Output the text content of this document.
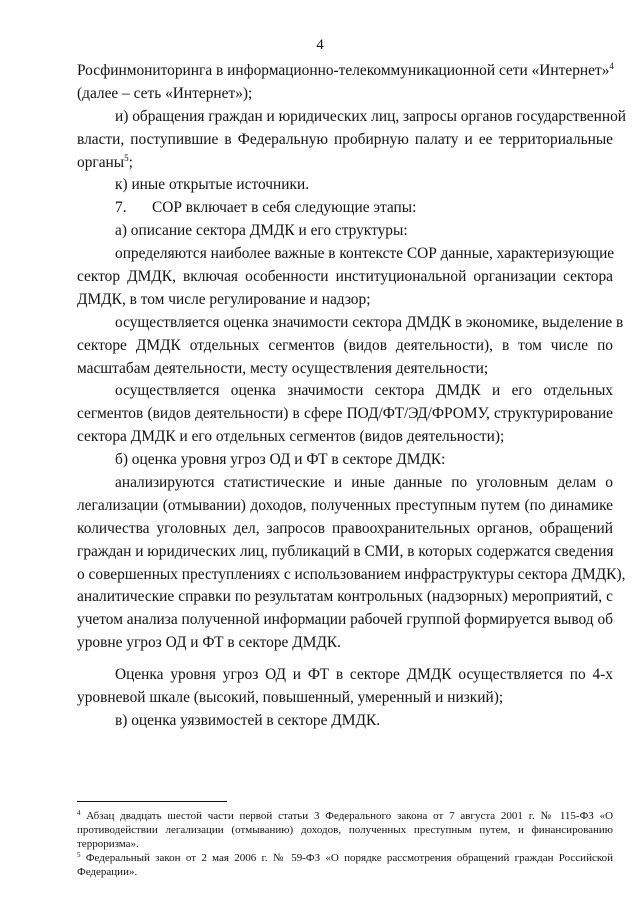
4
Росфинмониторинга в информационно-телекоммуникационной сети «Интернет»$^4$
(далее – сеть «Интернет»);
и) обращения граждан и юридических лиц, запросы органов государственной
власти, поступившие в Федеральную пробирную палату и ее территориальные
органы$^5$;
к) иные открытые источники.
7. СОР включает в себя следующие этапы:
а) описание сектора ДМДК и его структуры:
определяются наиболее важные в контексте СОР данные, характеризующие
сектор ДМДК, включая особенности институциональной организации сектора
ДМДК, в том числе регулирование и надзор;
осуществляется оценка значимости сектора ДМДК в экономике, выделение в
секторе ДМДК отдельных сегментов (видов деятельности), в том числе по
масштабам деятельности, месту осуществления деятельности;
осуществляется оценка значимости сектора ДМДК и его отдельных
сегментов (видов деятельности) в сфере ПОД/ФТ/ЭД/ФРОМУ, структурирование
сектора ДМДК и его отдельных сегментов (видов деятельности);
б) оценка уровня угроз ОД и ФТ в секторе ДМДК:
анализируются статистические и иные данные по уголовным делам о
легализации (отмывании) доходов, полученных преступным путем (по динамике
количества уголовных дел, запросов правоохранительных органов, обращений
граждан и юридических лиц, публикаций в СМИ, в которых содержатся сведения
о совершенных преступлениях с использованием инфраструктуры сектора ДМДК),
аналитические справки по результатам контрольных (надзорных) мероприятий, с
учетом анализа полученной информации рабочей группой формируется вывод об
уровне угроз ОД и ФТ в секторе ДМДК.
Оценка уровня угроз ОД и ФТ в секторе ДМДК осуществляется по 4-х
уровневой шкале (высокий, повышенный, умеренный и низкий);
в) оценка уязвимостей в секторе ДМДК.
$^4$ Абзац двадцать шестой части первой статьи 3 Федерального закона от 7 августа 2001 г. № 115-ФЗ «О
противодействии легализации (отмыванию) доходов, полученных преступным путем, и финансированию
терроризма».
$^5$ Федеральный закон от 2 мая 2006 г. № 59-ФЗ «О порядке рассмотрения обращений граждан Российской
Федерации».
